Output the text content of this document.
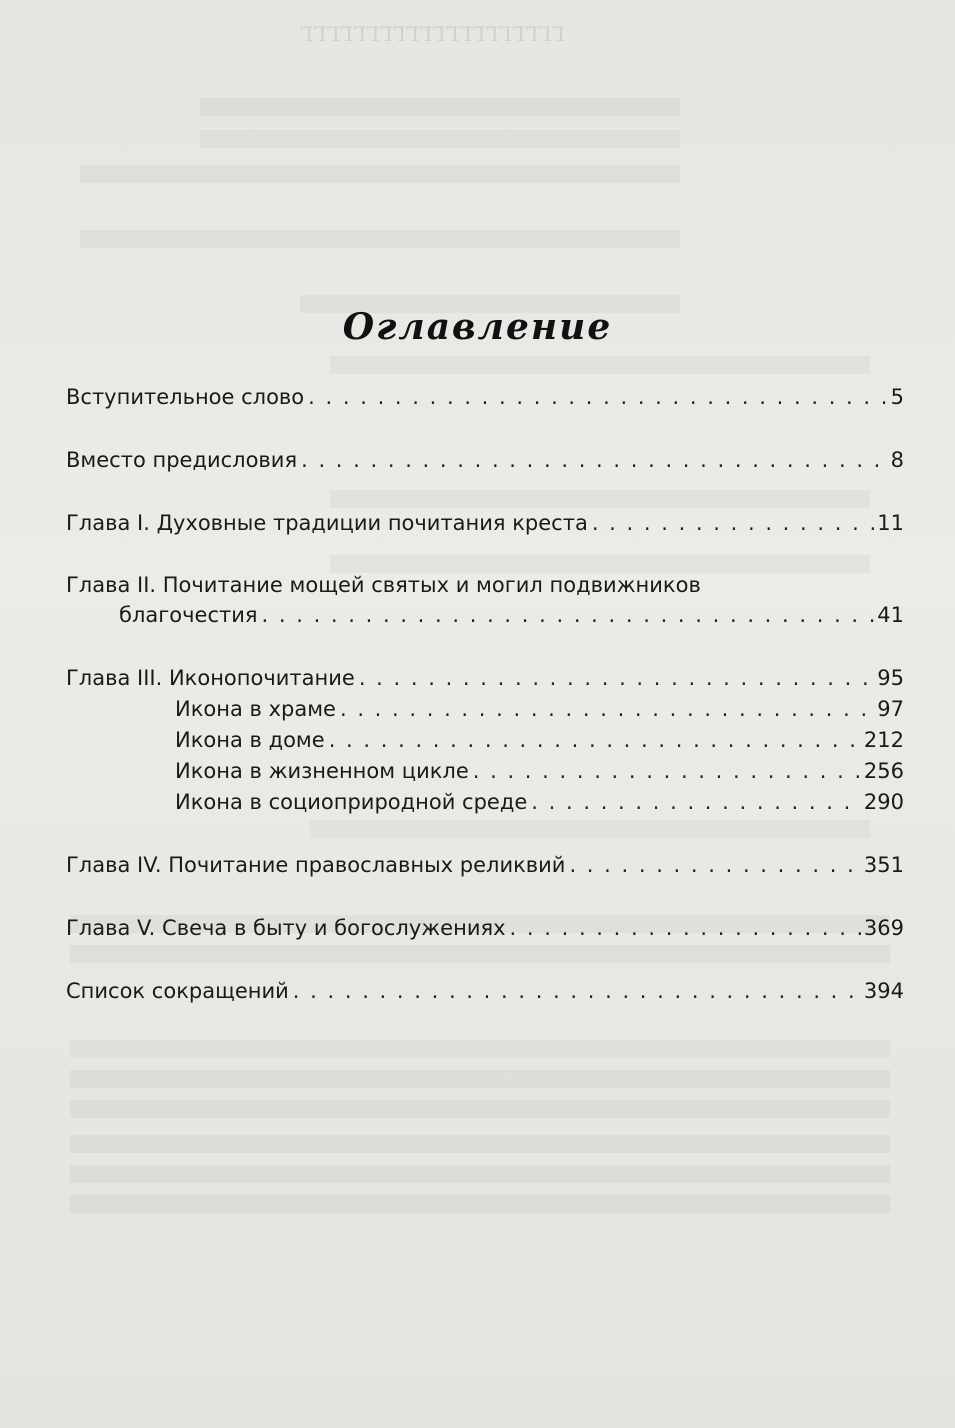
ГГГГГГГГГГГГГГГГГГГГ
Оглавление
Вступительное слово . . .	5
Вместо предисловия . . .	8
Глава I. Духовные традиции почитания креста . . .	11
Глава II. Почитание мощей святых и могил подвижников
благочестия . . .	41
Глава III. Иконопочитание . . .	95
Икона в храме . . .	97
Икона в доме . . .	212
Икона в жизненном цикле . . .	256
Икона в социоприродной среде . . .	290
Глава IV. Почитание православных реликвий . . .	351
Глава V. Свеча в быту и богослужениях . . .	369
Список сокращений . . .	394
